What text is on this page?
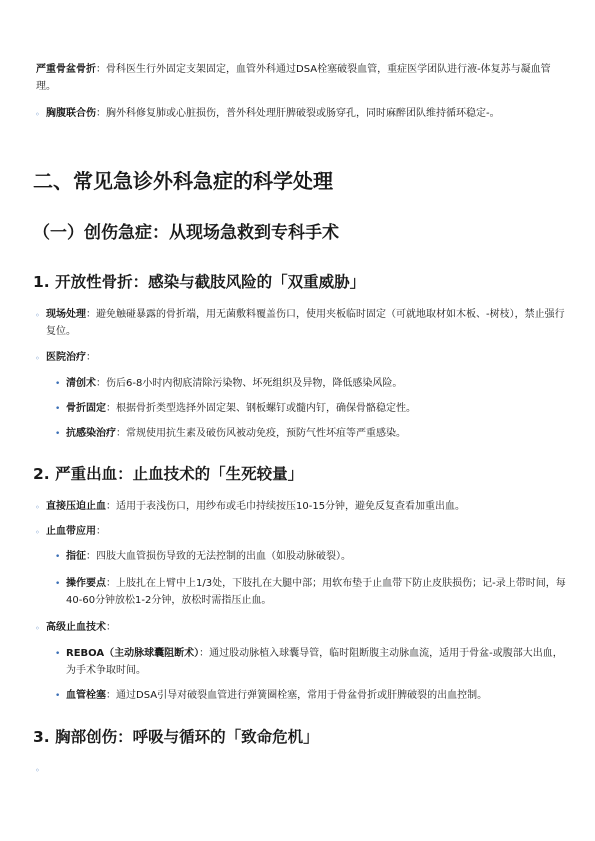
严重骨盆骨折：骨科医生行外固定支架固定，血管外科通过DSA栓塞破裂血管，重症医学团队进行液-体复苏与凝血管理。

◦ 胸腹联合伤：胸外科修复肺或心脏损伤，普外科处理肝脾破裂或肠穿孔，同时麻醉团队维持循环稳定-。

二、常见急诊外科急症的科学处理
（一）创伤急症：从现场急救到专科手术
1. 开放性骨折：感染与截肢风险的「双重威胁」
◦ 现场处理：避免触碰暴露的骨折端，用无菌敷料覆盖伤口，使用夹板临时固定（可就地取材如木板、-树枝），禁止强行复位。

◦ 医院治疗：

• 清创术：伤后6-8小时内彻底清除污染物、坏死组织及异物，降低感染风险。

• 骨折固定：根据骨折类型选择外固定架、钢板螺钉或髓内钉，确保骨骼稳定性。

• 抗感染治疗：常规使用抗生素及破伤风被动免疫，预防气性坏疽等严重感染。

2. 严重出血：止血技术的「生死较量」
◦ 直接压迫止血：适用于表浅伤口，用纱布或毛巾持续按压10-15分钟，避免反复查看加重出血。

◦ 止血带应用：

• 指征：四肢大血管损伤导致的无法控制的出血（如股动脉破裂）。

• 操作要点：上肢扎在上臂中上1/3处，下肢扎在大腿中部；用软布垫于止血带下防止皮肤损伤；记-录上带时间，每40-60分钟放松1-2分钟，放松时需指压止血。

◦ 高级止血技术：

• REBOA（主动脉球囊阻断术）：通过股动脉植入球囊导管，临时阻断腹主动脉血流，适用于骨盆-或腹部大出血，为手术争取时间。

• 血管栓塞：通过DSA引导对破裂血管进行弹簧圈栓塞，常用于骨盆骨折或肝脾破裂的出血控制。

3. 胸部创伤：呼吸与循环的「致命危机」
◦
